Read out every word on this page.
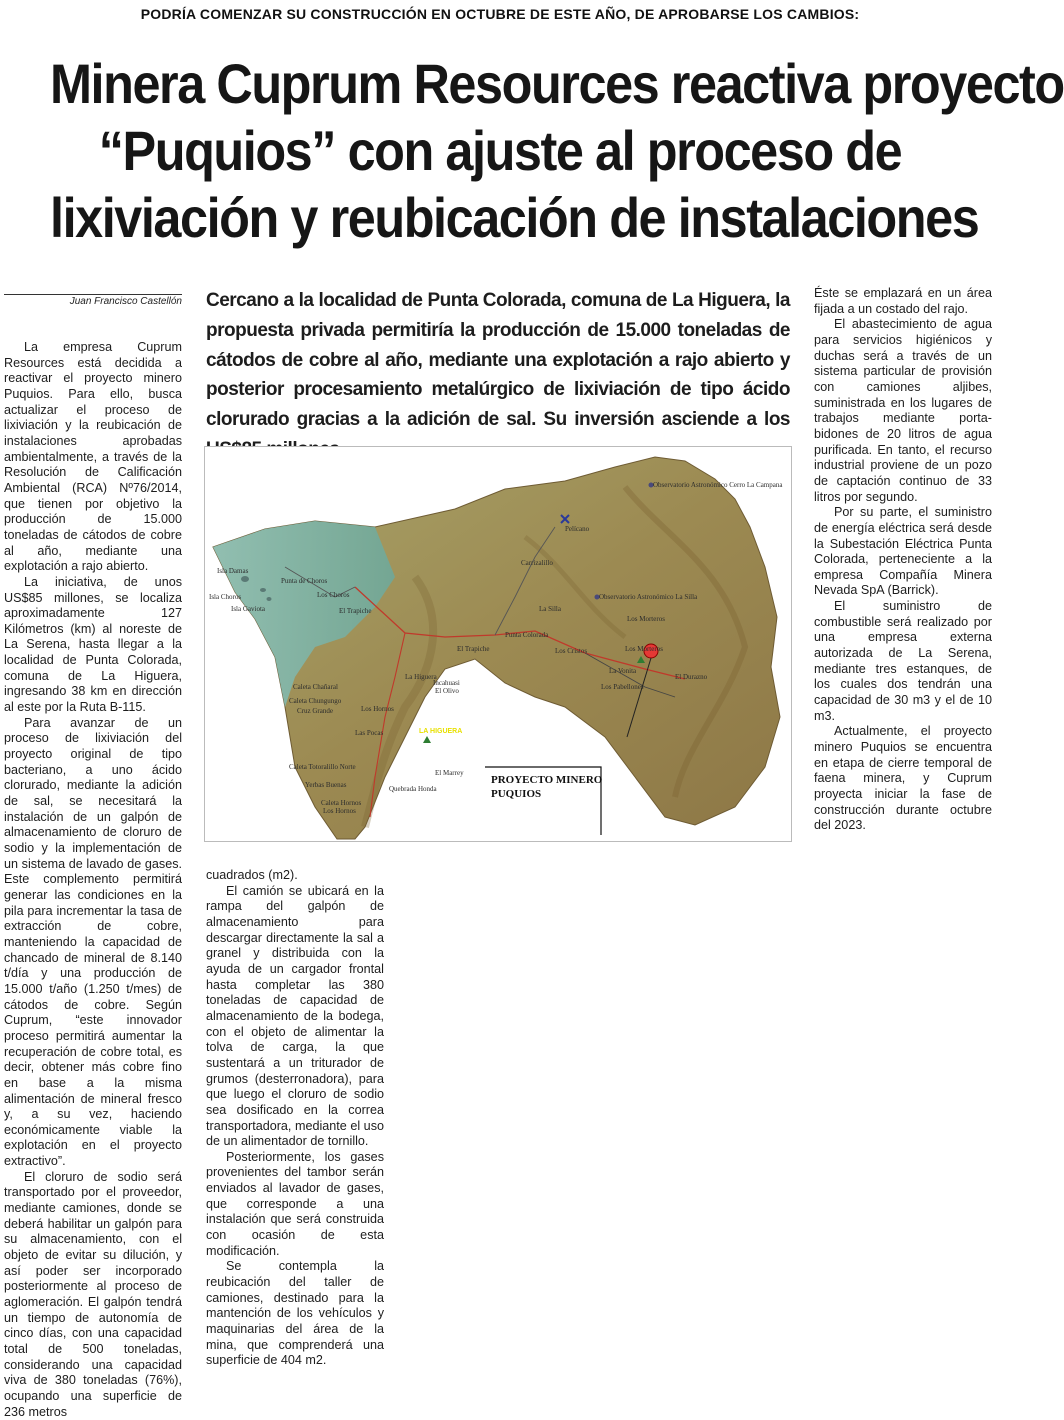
PODRÍA COMENZAR SU CONSTRUCCIÓN EN OCTUBRE DE ESTE AÑO, DE APROBARSE LOS CAMBIOS:
Minera Cuprum Resources reactiva proyecto
“Puquios” con ajuste al proceso de
lixiviación y reubicación de instalaciones
Juan Francisco Castellón

La empresa Cuprum Resources está decidida a reactivar el proyecto minero Puquios. Para ello, busca actualizar el proceso de lixiviación y la reubicación de instalaciones aprobadas ambientalmente, a través de la Resolución de Calificación Ambiental (RCA) Nº76/2014, que tienen por objetivo la producción de 15.000 toneladas de cátodos de cobre al año, mediante una explotación a rajo abierto.

La iniciativa, de unos US$85 millones, se localiza aproximadamente 127 Kilómetros (km) al noreste de La Serena, hasta llegar a la localidad de Punta Colorada, comuna de La Higuera, ingresando 38 km en dirección al este por la Ruta B-115.

Para avanzar de un proceso de lixiviación del proyecto original de tipo bacteriano, a uno ácido clorurado, mediante la adición de sal, se necesitará la instalación de un galpón de almacenamiento de cloruro de sodio y la implementación de un sistema de lavado de gases. Este complemento permitirá generar las condiciones en la pila para incrementar la tasa de extracción de cobre, manteniendo la capacidad de chancado de mineral de 8.140 t/día y una producción de 15.000 t/año (1.250 t/mes) de cátodos de cobre. Según Cuprum, “este innovador proceso permitirá aumentar la recuperación de cobre total, es decir, obtener más cobre fino en base a la misma alimentación de mineral fresco y, a su vez, haciendo económicamente viable la explotación en el proyecto extractivo”.

El cloruro de sodio será transportado por el proveedor, mediante camiones, donde se deberá habilitar un galpón para su almacenamiento, con el objeto de evitar su dilución, y así poder ser incorporado posteriormente al proceso de aglomeración. El galpón tendrá un tiempo de autonomía de cinco días, con una capacidad total de 500 toneladas, considerando una capacidad viva de 380 toneladas (76%), ocupando una superficie de 236 metros

Cercano a la localidad de Punta Colorada, comuna de La Higuera, la propuesta privada permitiría la producción de 15.000 toneladas de cátodos de cobre al año, mediante una explotación a rajo abierto y posterior procesamiento metalúrgico de lixiviación de tipo ácido clorurado gracias a la adición de sal. Su inversión asciende a los
Isla Damas
Isla Choros
Isla Gaviota
Punta de Choros
Los Choros
El Trapiche
Carrizalillo
La Silla
Punta Colorada
Los Morteros
Los Cristos
El Trapiche
La Higuera
El Olivo
LA HIGUERA
Caleta Chañaral
Caleta Chungungo
Cruz Grande	Los Hornos
Las Pocas
Caleta Totoralillo Norte
Yerbas Buenas	Quebrada Honda
El Marrey
Caleta Hornos
Los Hornos
Incahuasi
La Vonita
Los Pabellones
El Durazno
Los Morteros
Observatorio Astronómico Cerro La Campana
Observatorio Astronómico La Silla
Pelícano
PROYECTO MINERO
PUQUIOS

cuadrados (m2).

El camión se ubicará en la rampa del galpón de almacenamiento para descargar directamente la sal a granel y distribuida con la ayuda de un cargador frontal hasta completar las 380 toneladas de capacidad de almacenamiento de la bodega, con el objeto de alimentar la tolva de carga, la que sustentará a un triturador de grumos (desterronadora), para que luego el cloruro de sodio sea dosificado en la correa transportadora, mediante el uso de un alimentador de tornillo.

Posteriormente, los gases provenientes del tambor serán enviados al lavador de gases, que corresponde a una instalación que será construida con ocasión de esta modificación.

Se contempla la reubicación del taller de camiones, destinado para la mantención de los vehículos y maquinarias del área de la mina, que comprenderá una superficie de 404 m2.

Éste se emplazará en un área fijada a un costado del rajo.

El abastecimiento de agua para servicios higiénicos y duchas será a través de un sistema particular de provisión con camiones aljibes, suministrada en los lugares de trabajos mediante porta-bidones de 20 litros de agua purificada. En tanto, el recurso industrial proviene de un pozo de captación continuo de 33 litros por segundo.

Por su parte, el suministro de energía eléctrica será desde la Subestación Eléctrica Punta Colorada, perteneciente a la empresa Compañía Minera Nevada SpA (Barrick).

El suministro de combustible será realizado por una empresa externa autorizada de La Serena, mediante tres estanques, de los cuales dos tendrán una capacidad de 30 m3 y el de 10 m3.

Actualmente, el proyecto minero Puquios se encuentra en etapa de cierre temporal de faena minera, y Cuprum proyecta iniciar la fase de construcción durante octubre del 2023.
